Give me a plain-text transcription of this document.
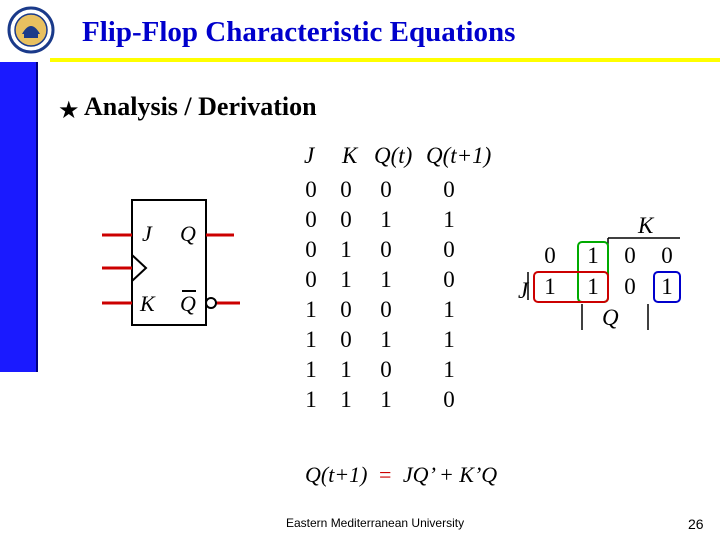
Flip-Flop Characteristic Equations
★ Analysis / Derivation
J
K
Q
Q
J K Q(t) Q(t+1)
0	0	0	0
0	0	1	1
0	1	0	0
0	1	1	0
1	0	0	1
1	0	1	1
1	1	0	1
1	1	1	0
K
J
Q
0 1 0 0
1 1 0 1
Q(t+1) = JQ’ + K’Q
Eastern Mediterranean University	26
